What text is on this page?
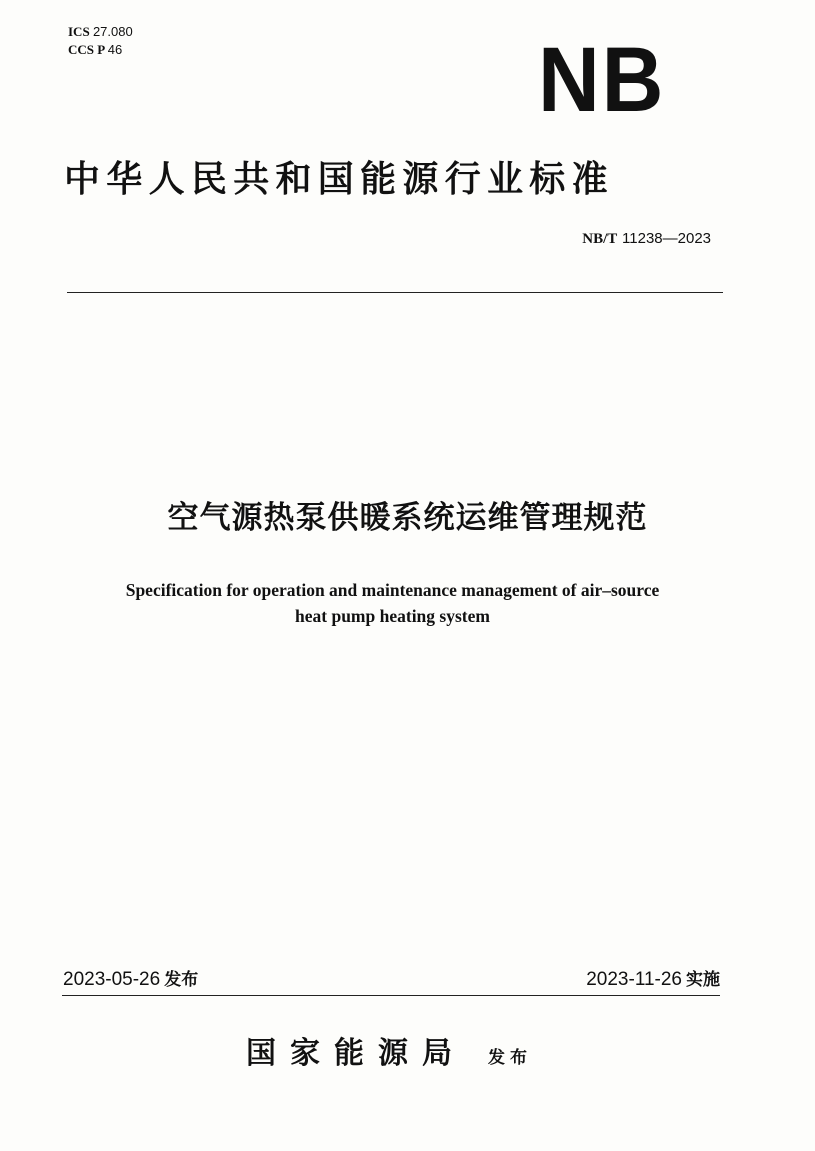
ICS 27.080
CCS P 46	NB
中华人民共和国能源行业标准
NB/T 11238—2023
空气源热泵供暖系统运维管理规范
Specification for operation and maintenance management of air–source
heat pump heating system
2023-05-26 发布	2023-11-26 实施
国家能源局 发布
